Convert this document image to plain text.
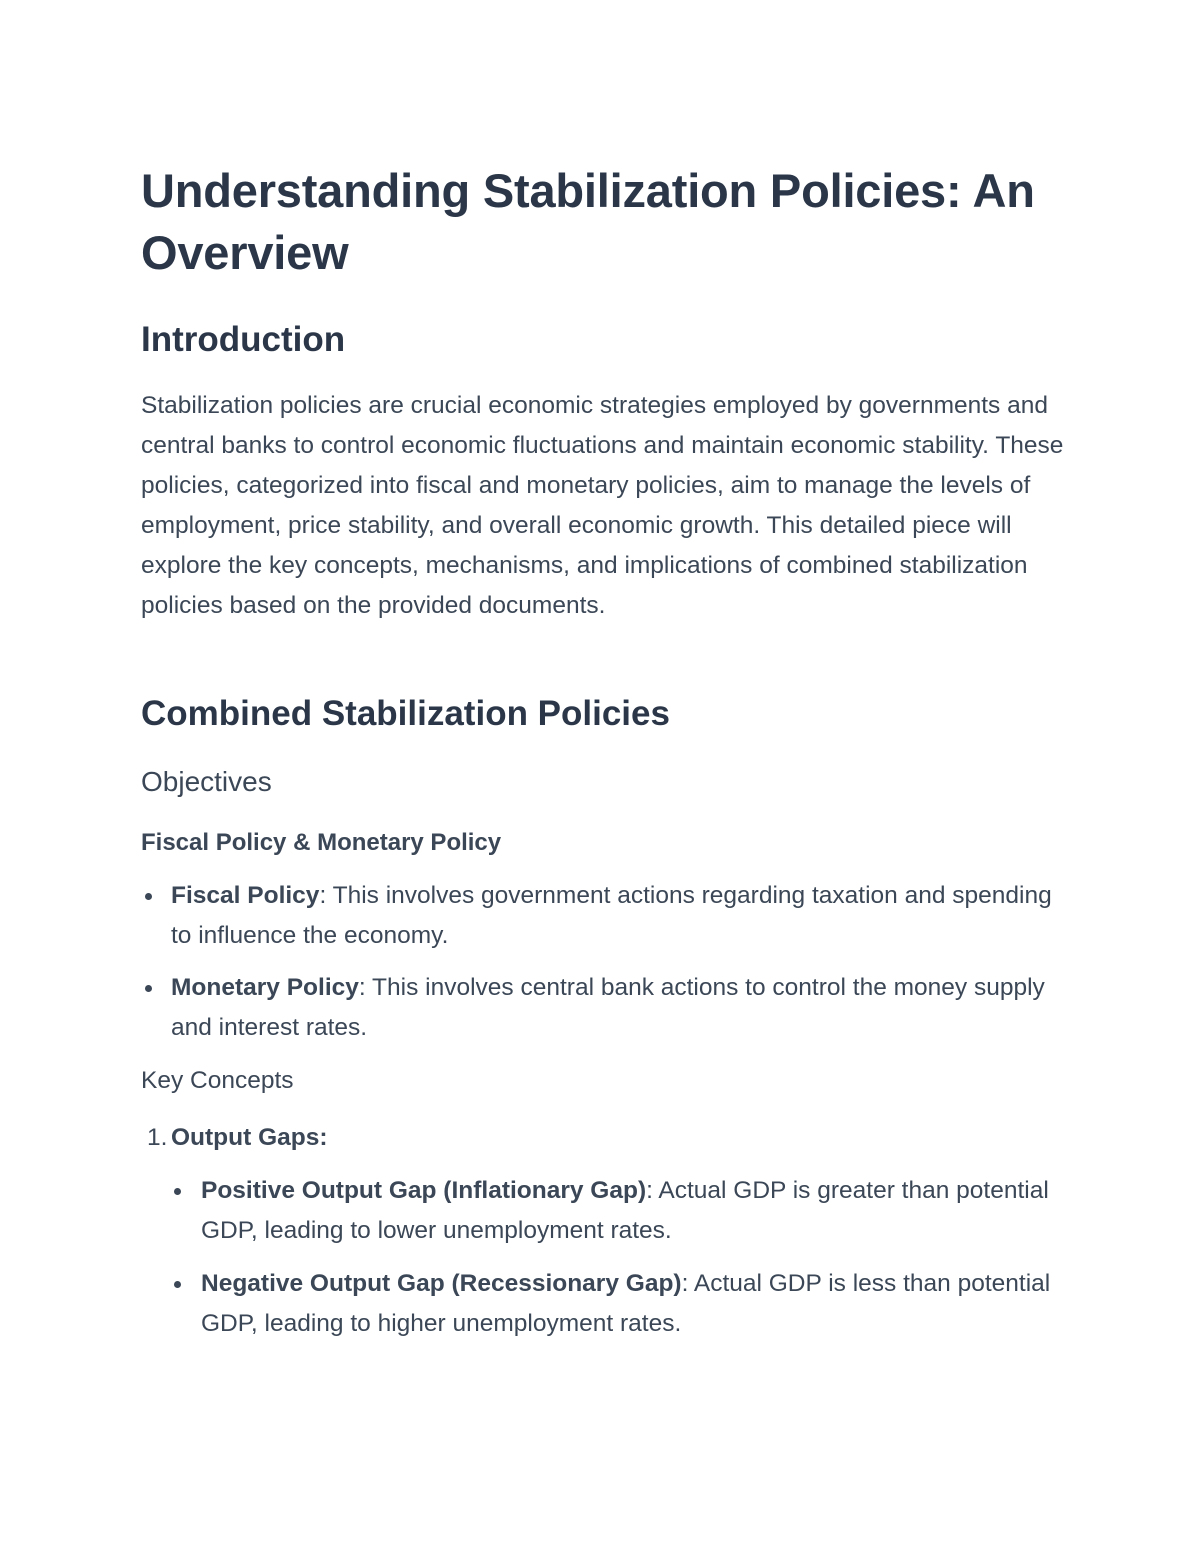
Understanding Stabilization Policies: An Overview
Introduction

Stabilization policies are crucial economic strategies employed by governments and central banks to control economic fluctuations and maintain economic stability. These policies, categorized into fiscal and monetary policies, aim to manage the levels of employment, price stability, and overall economic growth. This detailed piece will explore the key concepts, mechanisms, and implications of combined stabilization policies based on the provided documents.

Combined Stabilization Policies
Objectives
Fiscal Policy & Monetary Policy
Fiscal Policy: This involves government actions regarding taxation and spending to influence the economy.
Monetary Policy: This involves central bank actions to control the money supply and interest rates.
Key Concepts
1. Output Gaps:
Positive Output Gap (Inflationary Gap): Actual GDP is greater than potential GDP, leading to lower unemployment rates.
Negative Output Gap (Recessionary Gap): Actual GDP is less than potential GDP, leading to higher unemployment rates.
